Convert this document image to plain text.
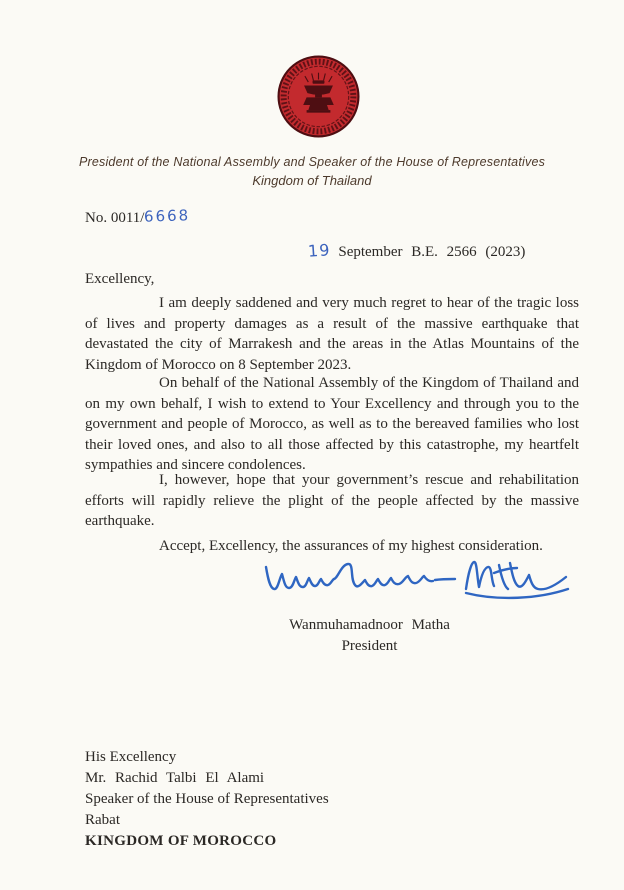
President of the National Assembly and Speaker of the House of Representatives
Kingdom of Thailand
No. 0011/6668
19 September B.E. 2566 (2023)
Excellency,

I am deeply saddened and very much regret to hear of the tragic loss of lives and property damages as a result of the massive earthquake that devastated the city of Marrakesh and the areas in the Atlas Mountains of the Kingdom of Morocco on 8 September 2023.

On behalf of the National Assembly of the Kingdom of Thailand and on my own behalf, I wish to extend to Your Excellency and through you to the government and people of Morocco, as well as to the bereaved families who lost their loved ones, and also to all those affected by this catastrophe, my heartfelt sympathies and sincere condolences.

I, however, hope that your government’s rescue and rehabilitation efforts will rapidly relieve the plight of the people affected by the massive earthquake.

Accept, Excellency, the assurances of my highest consideration.
Wanmuhamadnoor Matha
President
His Excellency
Mr. Rachid Talbi El Alami
Speaker of the House of Representatives
Rabat
KINGDOM OF MOROCCO
